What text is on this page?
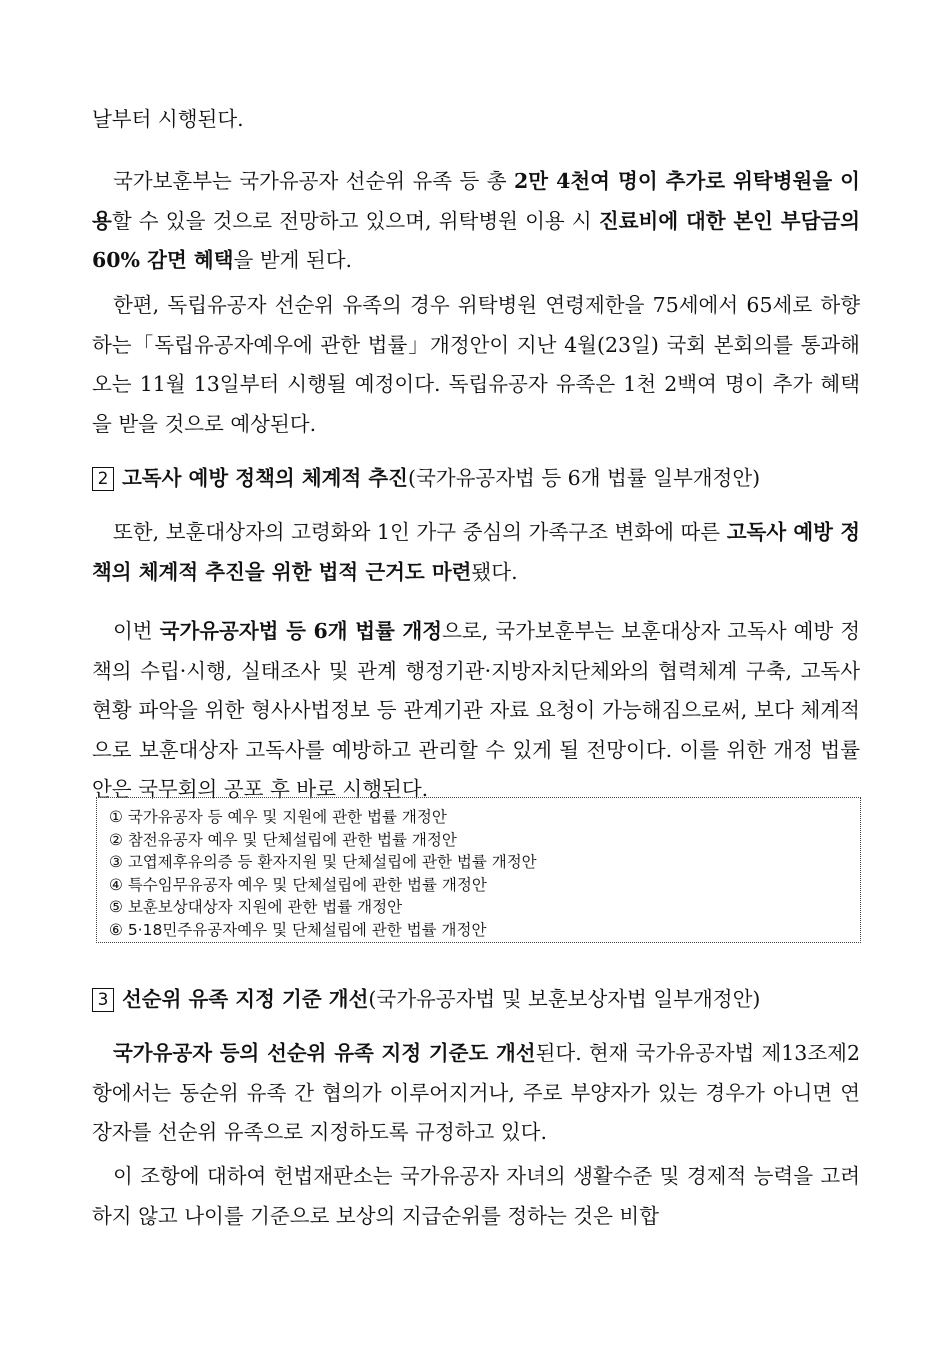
날부터 시행된다.

국가보훈부는 국가유공자 선순위 유족 등 총 2만 4천여 명이 추가로 위탁병원을 이용할 수 있을 것으로 전망하고 있으며, 위탁병원 이용 시 진료비에 대한 본인 부담금의 60% 감면 혜택을 받게 된다.

한편, 독립유공자 선순위 유족의 경우 위탁병원 연령제한을 75세에서 65세로 하향하는「독립유공자예우에 관한 법률」개정안이 지난 4월(23일) 국회 본회의를 통과해 오는 11월 13일부터 시행될 예정이다. 독립유공자 유족은 1천 2백여 명이 추가 혜택을 받을 것으로 예상된다.

2 고독사 예방 정책의 체계적 추진(국가유공자법 등 6개 법률 일부개정안)

또한, 보훈대상자의 고령화와 1인 가구 중심의 가족구조 변화에 따른 고독사 예방 정책의 체계적 추진을 위한 법적 근거도 마련됐다.

이번 국가유공자법 등 6개 법률 개정으로, 국가보훈부는 보훈대상자 고독사 예방 정책의 수립·시행, 실태조사 및 관계 행정기관·지방자치단체와의 협력체계 구축, 고독사 현황 파악을 위한 형사사법정보 등 관계기관 자료 요청이 가능해짐으로써, 보다 체계적으로 보훈대상자 고독사를 예방하고 관리할 수 있게 될 전망이다. 이를 위한 개정 법률안은 국무회의 공포 후 바로 시행된다.

① 국가유공자 등 예우 및 지원에 관한 법률 개정안
② 참전유공자 예우 및 단체설립에 관한 법률 개정안
③ 고엽제후유의증 등 환자지원 및 단체설립에 관한 법률 개정안
④ 특수임무유공자 예우 및 단체설립에 관한 법률 개정안
⑤ 보훈보상대상자 지원에 관한 법률 개정안
⑥ 5·18민주유공자예우 및 단체설립에 관한 법률 개정안
3 선순위 유족 지정 기준 개선(국가유공자법 및 보훈보상자법 일부개정안)

국가유공자 등의 선순위 유족 지정 기준도 개선된다. 현재 국가유공자법 제13조제2항에서는 동순위 유족 간 협의가 이루어지거나, 주로 부양자가 있는 경우가 아니면 연장자를 선순위 유족으로 지정하도록 규정하고 있다.

이 조항에 대하여 헌법재판소는 국가유공자 자녀의 생활수준 및 경제적 능력을 고려하지 않고 나이를 기준으로 보상의 지급순위를 정하는 것은 비합
